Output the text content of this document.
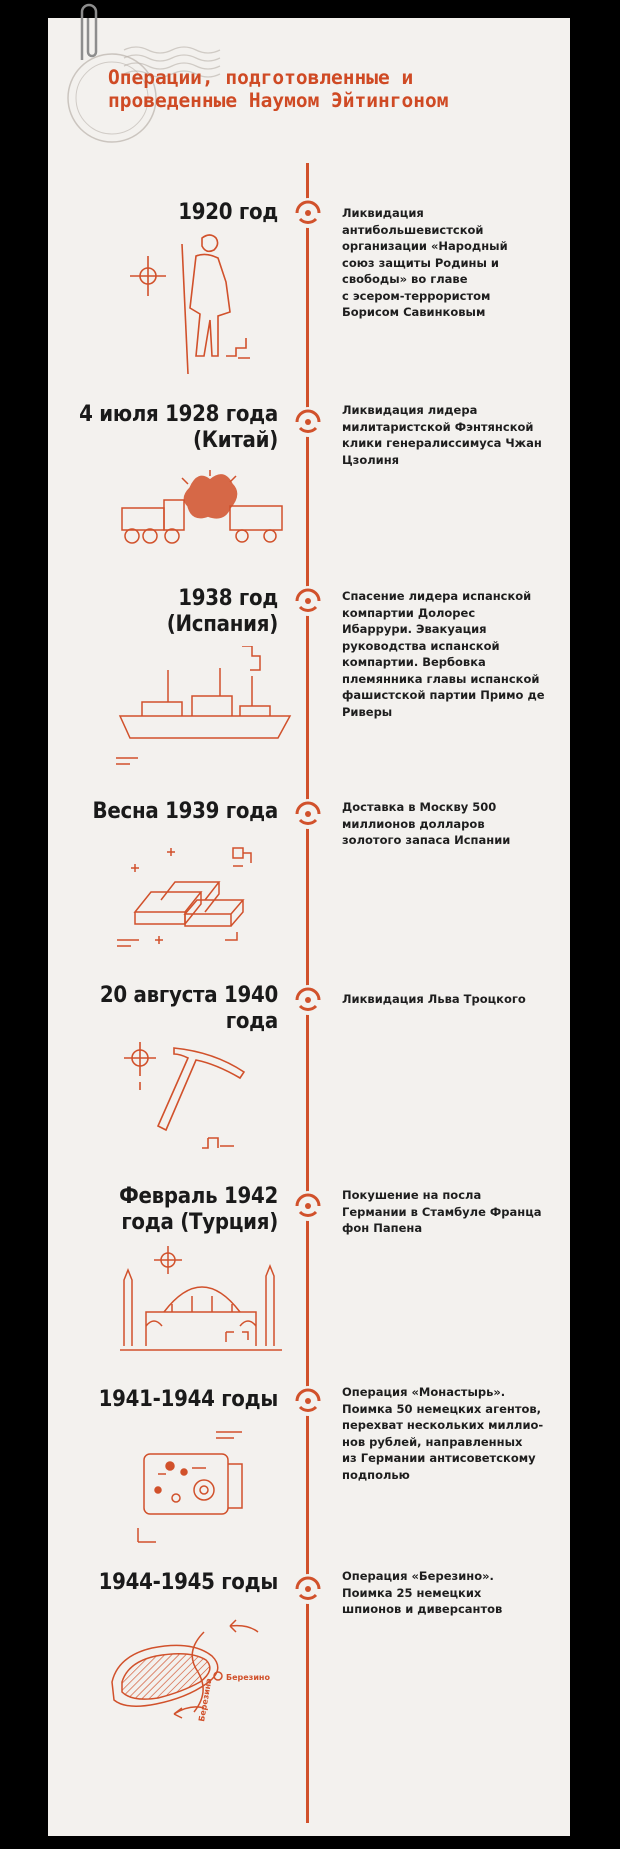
Операции, подготовленные и проведенные Наумом Эйтингоном
1920 год	Ликвидация
антибольшевистской
организации «Народный
союз защиты Родины и
свободы» во главе
с эсером-террористом
Борисом Савинковым
4 июля 1928 года (Китай)
Ликвидация лидера
милитаристской Фэнтянской
клики генералиссимуса Чжан
Цзолиня
1938 год (Испания)
Спасение лидера испанской
компартии Долорес
Ибаррури. Эвакуация
руководства испанской
компартии. Вербовка
племянника главы испанской
фашистской партии Примо де
Риверы
Весна 1939 года	Доставка в Москву 500
миллионов долларов
золотого запаса Испании
20 августа 1940 года
Ликвидация Льва Троцкого
Февраль 1942 года (Турция)
Покушение на посла
Германии в Стамбуле Франца
фон Папена
1941-1944 годы	Операция «Монастырь».
Поимка 50 немецких агентов,
перехват нескольких миллио-
нов рублей, направленных
из Германии антисоветскому
подполью
1944-1945 годы	Операция «Березино».
Поимка 25 немецких
шпионов и диверсантов
Березино
Березина
